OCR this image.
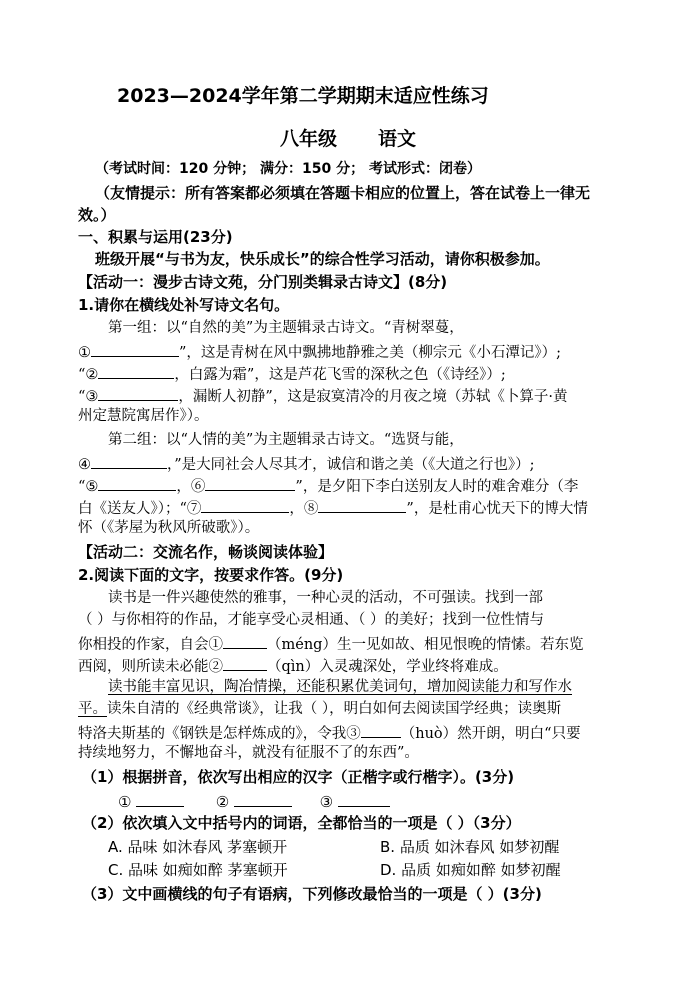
2023—2024学年第二学期期末适应性练习
八年级 语文
（考试时间：120 分钟； 满分：150 分； 考试形式：闭卷）
（友情提示：所有答案都必须填在答题卡相应的位置上，答在试卷上一律无
效。）
一、积累与运用(23分)
班级开展“与书为友，快乐成长”的综合性学习活动，请你积极参加。
【活动一：漫步古诗文苑，分门别类辑录古诗文】(8分)
1.请你在横线处补写诗文名句。
第一组：以“自然的美”为主题辑录古诗文。“青树翠蔓，
①	”，这是青树在风中飘拂地静雅之美（柳宗元《小石潭记》）;
“②	，白露为霜”，这是芦花飞雪的深秋之色（《诗经》）;
“③	，漏断人初静”，这是寂寞清冷的月夜之境（苏轼《卜算子·黄
州定慧院寓居作》）。
第二组：以“人情的美”为主题辑录古诗文。“选贤与能，
④	，”是大同社会人尽其才，诚信和谐之美（《大道之行也》）;
“⑤	，⑥	”，是夕阳下李白送别友人时的难舍难分（李
白《送友人》）；“⑦	，⑧	”，是杜甫心忧天下的博大情
怀（《茅屋为秋风所破歌》）。
【活动二：交流名作，畅谈阅读体验】
2.阅读下面的文字，按要求作答。(9分)
读书是一件兴趣使然的雅事，一种心灵的活动，不可强读。找到一部
（ ）与你相符的作品，才能享受心灵相通、（ ）的美好；找到一位性情与
你相投的作家，自会①	（méng）生一见如故、相见恨晚的情愫。若东览
西阅，则所读未必能②	（qìn）入灵魂深处，学业终将难成。
读书能丰富见识，陶冶情操，还能积累优美词句，增加阅读能力和写作水
平。读朱自清的《经典常谈》，让我（ ），明白如何去阅读国学经典；读奥斯
特洛夫斯基的《钢铁是怎样炼成的》，令我③	（huò）然开朗，明白“只要
持续地努力，不懈地奋斗，就没有征服不了的东西”。
（1）根据拼音，依次写出相应的汉字（正楷字或行楷字）。(3分)
①	②	③
（2）依次填入文中括号内的词语，全都恰当的一项是（ ）（3分）
A. 品味 如沐春风 茅塞顿开	B. 品质 如沐春风 如梦初醒
C. 品味 如痴如醉 茅塞顿开	D. 品质 如痴如醉 如梦初醒
（3）文中画横线的句子有语病，下列修改最恰当的一项是（ ）(3分)
